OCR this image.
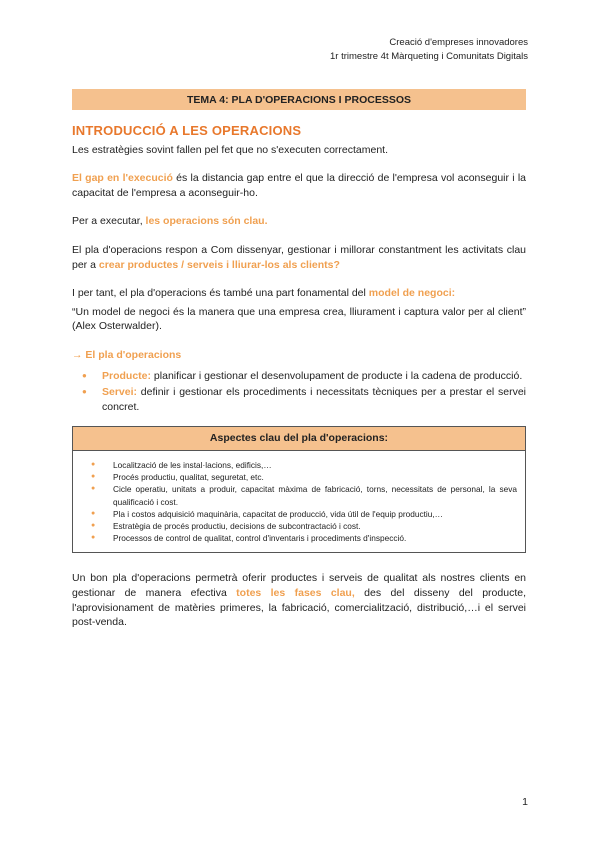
Creació d'empreses innovadores
1r trimestre 4t Màrqueting i Comunitats Digitals
TEMA 4: PLA D'OPERACIONS I PROCESSOS
INTRODUCCIÓ A LES OPERACIONS

Les estratègies sovint fallen pel fet que no s'executen correctament.

El gap en l'execució és la distancia gap entre el que la direcció de l'empresa vol aconseguir i la capacitat de l'empresa a aconseguir-ho.

Per a executar, les operacions són clau.

El pla d'operacions respon a Com dissenyar, gestionar i millorar constantment les activitats clau per a crear productes / serveis i lliurar-los als clients?

I per tant, el pla d'operacions és també una part fonamental del model de negoci:

“Un model de negoci és la manera que una empresa crea, lliurament i captura valor per al client” (Alex Osterwalder).

→ El pla d'operacions
● Producte: planificar i gestionar el desenvolupament de producte i la cadena de producció.
● Servei: definir i gestionar els procediments i necessitats tècniques per a prestar el servei concret.
Aspectes clau del pla d'operacions:
● Localització de les instal·lacions, edificis,…
● Procés productiu, qualitat, seguretat, etc.
● Cicle operatiu, unitats a produir, capacitat màxima de fabricació, torns, necessitats de personal, la seva qualificació i cost.
● Pla i costos adquisició maquinària, capacitat de producció, vida útil de l'equip productiu,…
● Estratègia de procés productiu, decisions de subcontractació i cost.
● Processos de control de qualitat, control d'inventaris i procediments d'inspecció.

Un bon pla d'operacions permetrà oferir productes i serveis de qualitat als nostres clients en gestionar de manera efectiva totes les fases clau, des del disseny del producte, l'aprovisionament de matèries primeres, la fabricació, comercialització, distribució,…i el servei post-venda.

1
